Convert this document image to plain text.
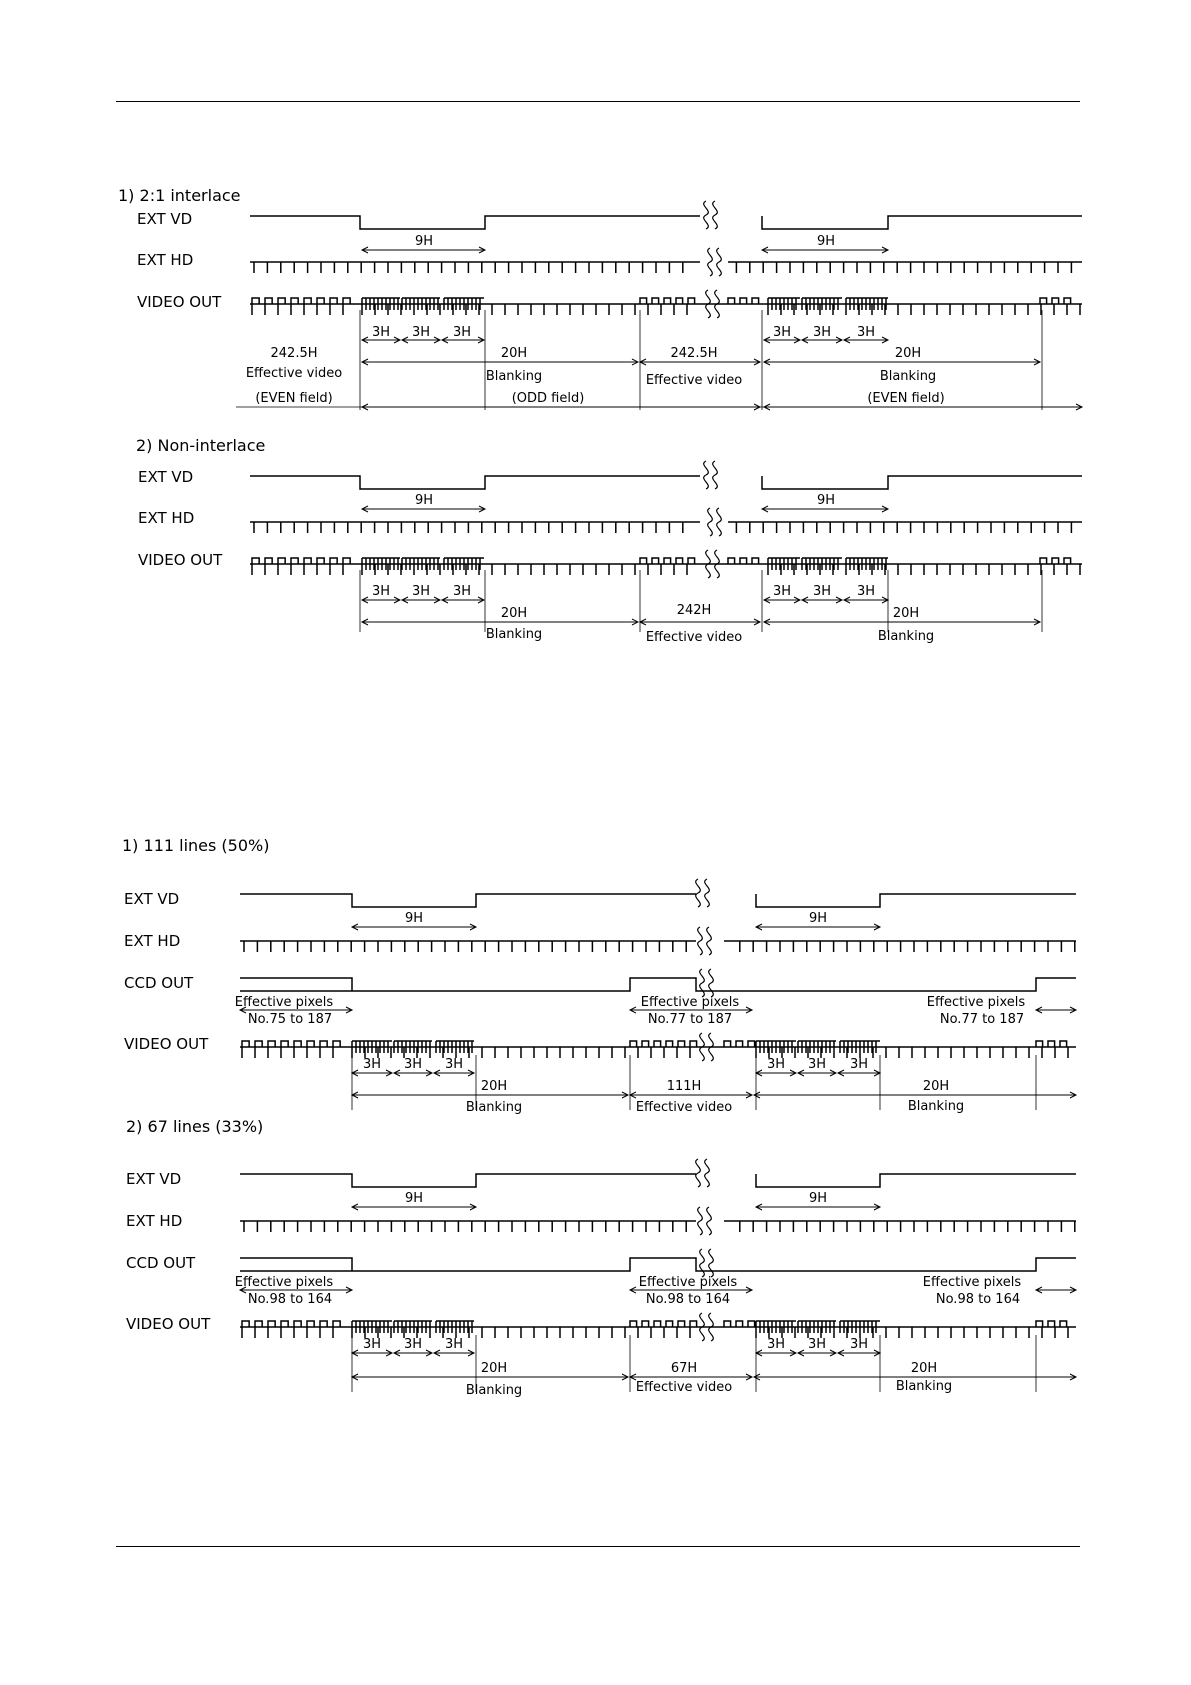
1) 2:1 interlace
2) Non-interlace
1) 111 lines (50%)
2) 67 lines (33%)
EXT VD
EXT HD
VIDEO OUT
EXT VD
EXT HD
VIDEO OUT
EXT VD
EXT HD
CCD OUT
VIDEO OUT
EXT VD
EXT HD
CCD OUT
VIDEO OUT
9H	9H
3H 3H 3H	3H 3H 3H
242.5H
Effective video
20H
Blanking
242.5H
Effective video
20H
Blanking
(EVEN field)	(ODD field)	(EVEN field)
9H	9H
3H 3H 3H	3H 3H 3H
20H
Blanking
242H
Effective video
20H
Blanking
9H	9H
Effective pixels
No.75 to 187
Effective pixels
No.77 to 187
Effective pixels
No.77 to 187
3H 3H 3H	3H 3H 3H
20H
Blanking
111H
Effective video
20H
Blanking
9H	9H
Effective pixels
No.98 to 164
Effective pixels
No.98 to 164
Effective pixels
No.98 to 164
3H 3H 3H	3H 3H 3H
20H
Blanking
67H
Effective video
20H
Blanking
